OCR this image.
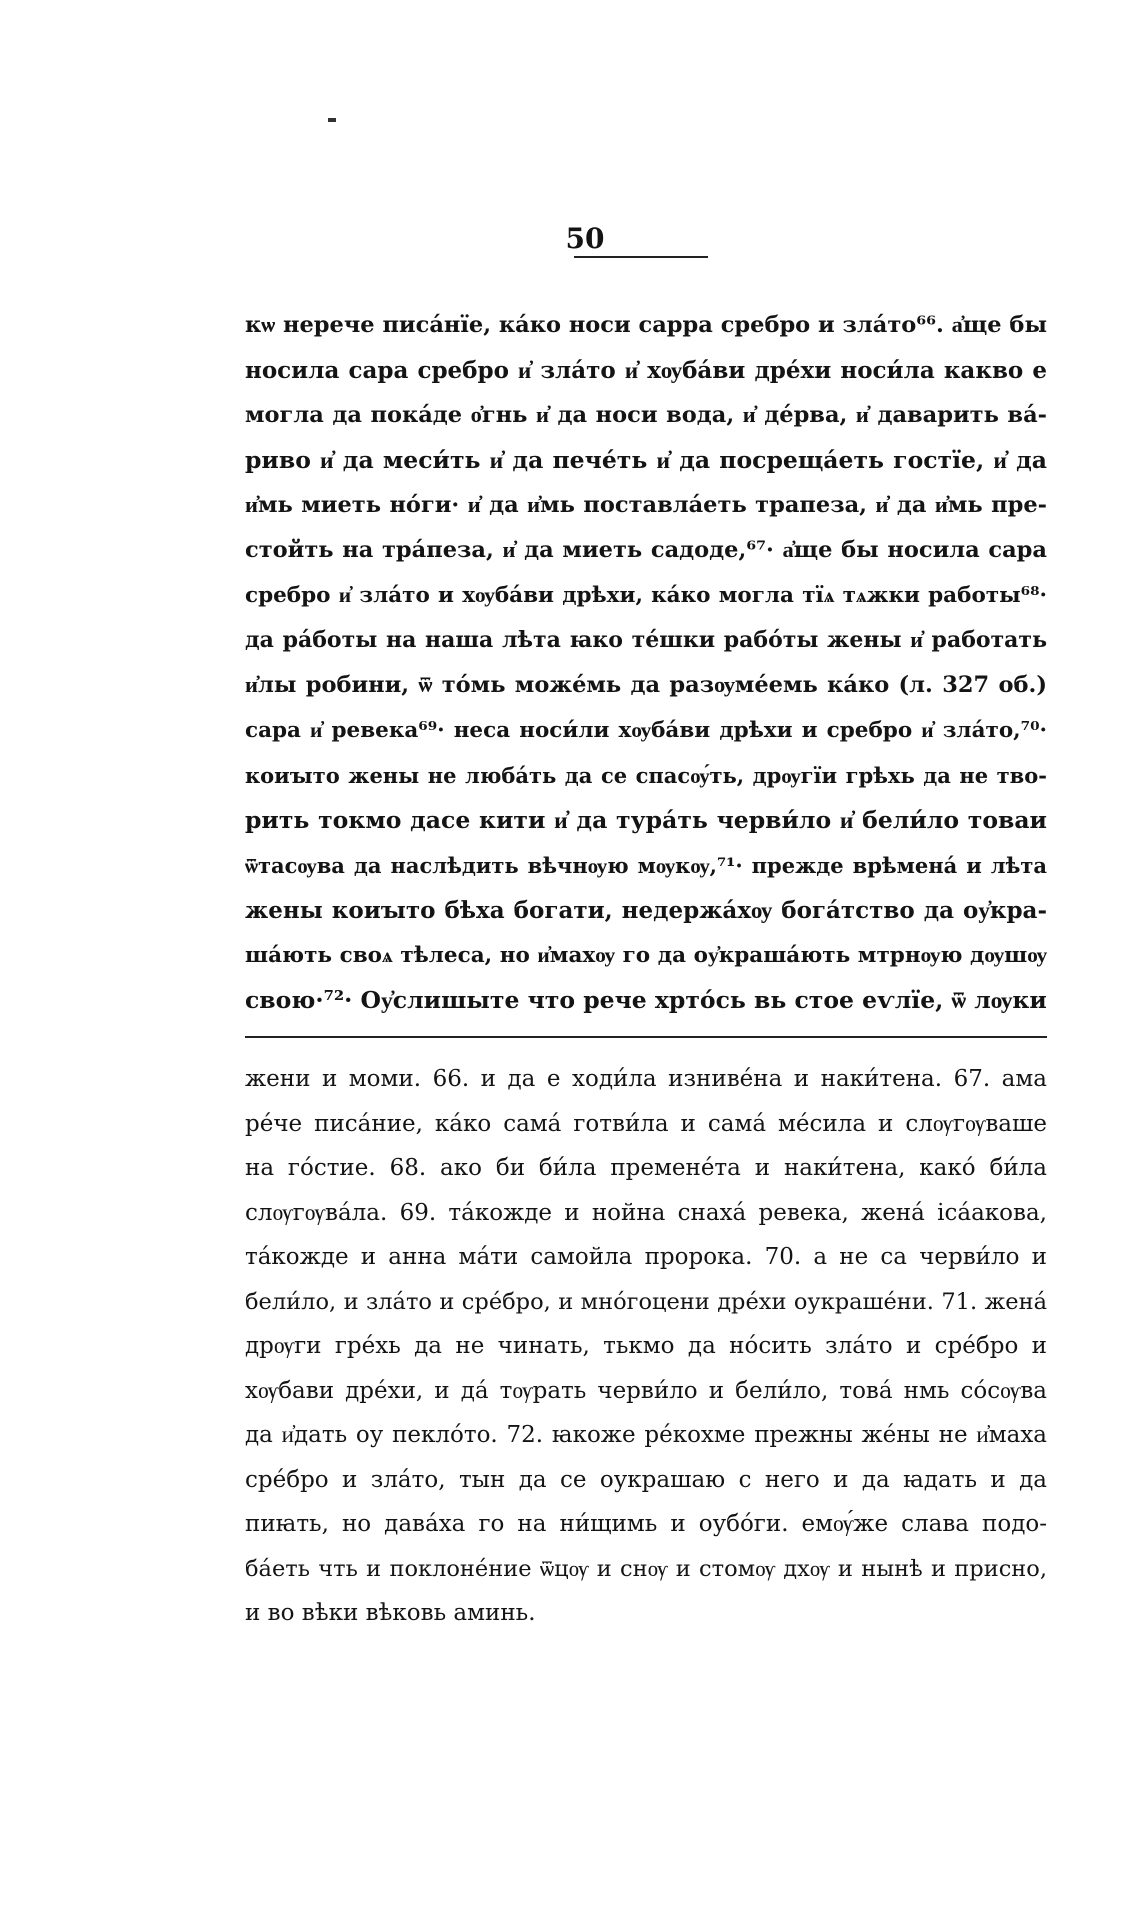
50

кѡ нерече писа́нїе, ка́ко носи сарра сребро и зла́то⁶⁶. а҆ще бы
носила сара сребро и҆ зла́то и҆ хѹба́ви дре́хи носи́ла какво е
могла да пока́де о҆гнь и҆ да носи вода, и҆ де́рва, и҆ даварить ва́-
риво и҆ да меси́ть и҆ да пече́ть и҆ да посреща́еть гостїе, и҆ да
и҆мь миеть но́ги· и҆ да и҆мь поставла́еть трапеза, и҆ да и҆мь пре-
стойть на тра́пеза, и҆ да миеть садоде,⁶⁷· а҆ще бы носила сара
сребро и҆ зла́то и хѹба́ви дрѣхи, ка́ко могла тїѧ тѧжки работы⁶⁸·
да ра́боты на наша лѣта ꙗко те́шки рабо́ты жены и҆ работать
и҆лы робини, ѿ то́мь може́мь да разѹме́емь ка́ко (л. 327 об.)
сара и҆ ревека⁶⁹· неса носи́ли хѹба́ви дрѣхи и сребро и҆ зла́то,⁷⁰·
коиꙑто жены не люба́ть да се спасѹ́ть, дрѹгїи грѣхь да не тво-
рить токмо дасе кити и҆ да тура́ть черви́ло и҆ бели́ло товаи
ѿтасѹва да наслѣдить вѣчнѹю мѹкѹ,⁷¹· прежде врѣмена́ и лѣта
жены коиꙑто бѣха богати, недержа́хѹ бога́тство да оу҆кра-
ша́ють своѧ тѣлеса, но и҆махѹ го да оу҆краша́ють мтрнѹю дѹшѹ
свою·⁷²· Оу҆слишыте что рече хрто́сь вь стое еѵлїе, ѿ лѹки

жени и моми. 66. и да е ходи́ла изниве́на и наки́тена. 67. ама
ре́че писа́ние, ка́ко сама́ готви́ла и сама́ ме́сила и слѹгѹваше
на го́стие. 68. ако би би́ла премене́та и наки́тена, како́ би́ла
слѹгѹва́ла. 69. та́кожде и нойна снаха́ ревека, жена́ іса́акова,
та́кожде и анна ма́ти самойла пророка. 70. а не са черви́ло и
бели́ло, и зла́то и сре́бро, и мно́гоцени дре́хи оукраше́ни. 71. жена́
дрѹги гре́хь да не чинать, тькмо да но́сить зла́то и сре́бро и
хѹбави дре́хи, и да́ тѹрать черви́ло и бели́ло, това́ нмь со́сѹва
да и҆дать оу пекло́то. 72. ꙗкоже ре́кохме прежны же́ны не и҆маха
сре́бро и зла́то, тын да се оукрашаю с него и да ꙗдать и да
пиꙗть, но дава́ха го на ни́щимь и оубо́ги. емѹ́же слава подо-
ба́еть чть и поклоне́ние ѿцѹ и снѹ и стомѹ дхѹ и нынѣ и присно,
и во вѣки вѣковь аминь.
